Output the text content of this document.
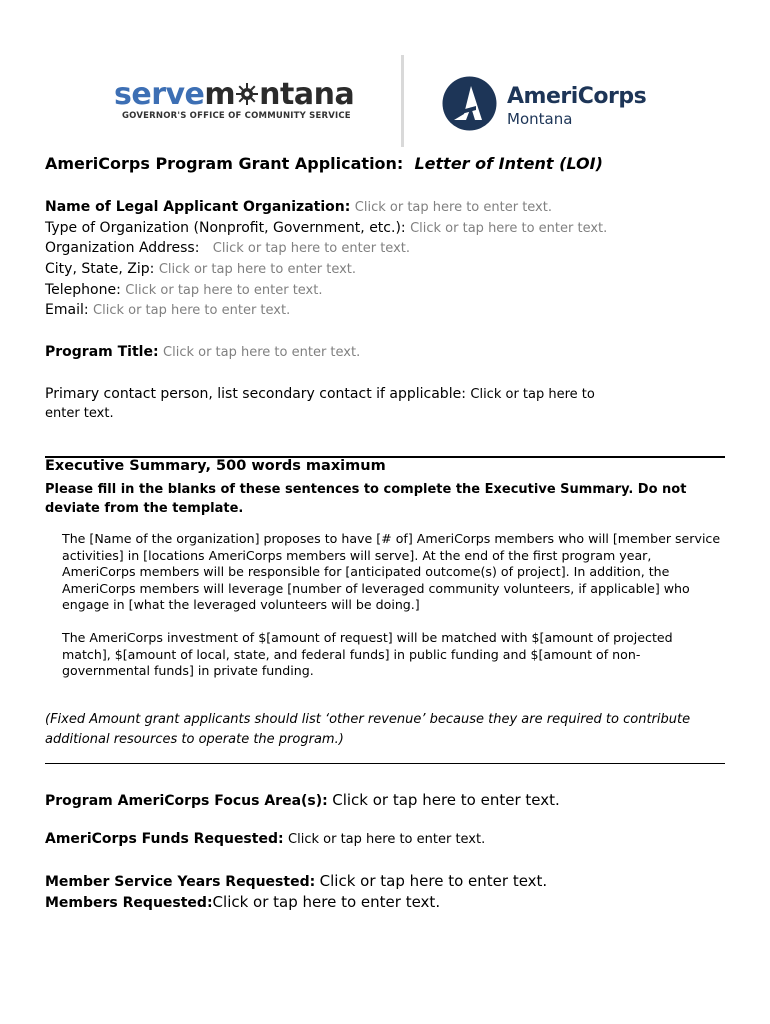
servem ntana
GOVERNOR'S OFFICE OF COMMUNITY SERVICE
AmeriCorps
Montana
AmeriCorps Program Grant Application: Letter of Intent (LOI)
Name of Legal Applicant Organization: Click or tap here to enter text.
Type of Organization (Nonprofit, Government, etc.): Click or tap here to enter text.
Organization Address: Click or tap here to enter text.
City, State, Zip: Click or tap here to enter text.
Telephone: Click or tap here to enter text.
Email: Click or tap here to enter text.
Program Title: Click or tap here to enter text.
Primary contact person, list secondary contact if applicable: Click or tap here to
enter text.
Executive Summary, 500 words maximum
Please fill in the blanks of these sentences to complete the Executive Summary. Do not deviate from the template.
The [Name of the organization] proposes to have [# of] AmeriCorps members who will [member service activities] in [locations AmeriCorps members will serve]. At the end of the first program year, AmeriCorps members will be responsible for [anticipated outcome(s) of project]. In addition, the AmeriCorps members will leverage [number of leveraged community volunteers, if applicable] who engage in [what the leveraged volunteers will be doing.]
The AmeriCorps investment of $[amount of request] will be matched with $[amount of projected match], $[amount of local, state, and federal funds] in public funding and $[amount of non-governmental funds] in private funding.
(Fixed Amount grant applicants should list ‘other revenue’ because they are required to contribute additional resources to operate the program.)
Program AmeriCorps Focus Area(s): Click or tap here to enter text.
AmeriCorps Funds Requested: Click or tap here to enter text.
Member Service Years Requested: Click or tap here to enter text.
Members Requested:Click or tap here to enter text.
